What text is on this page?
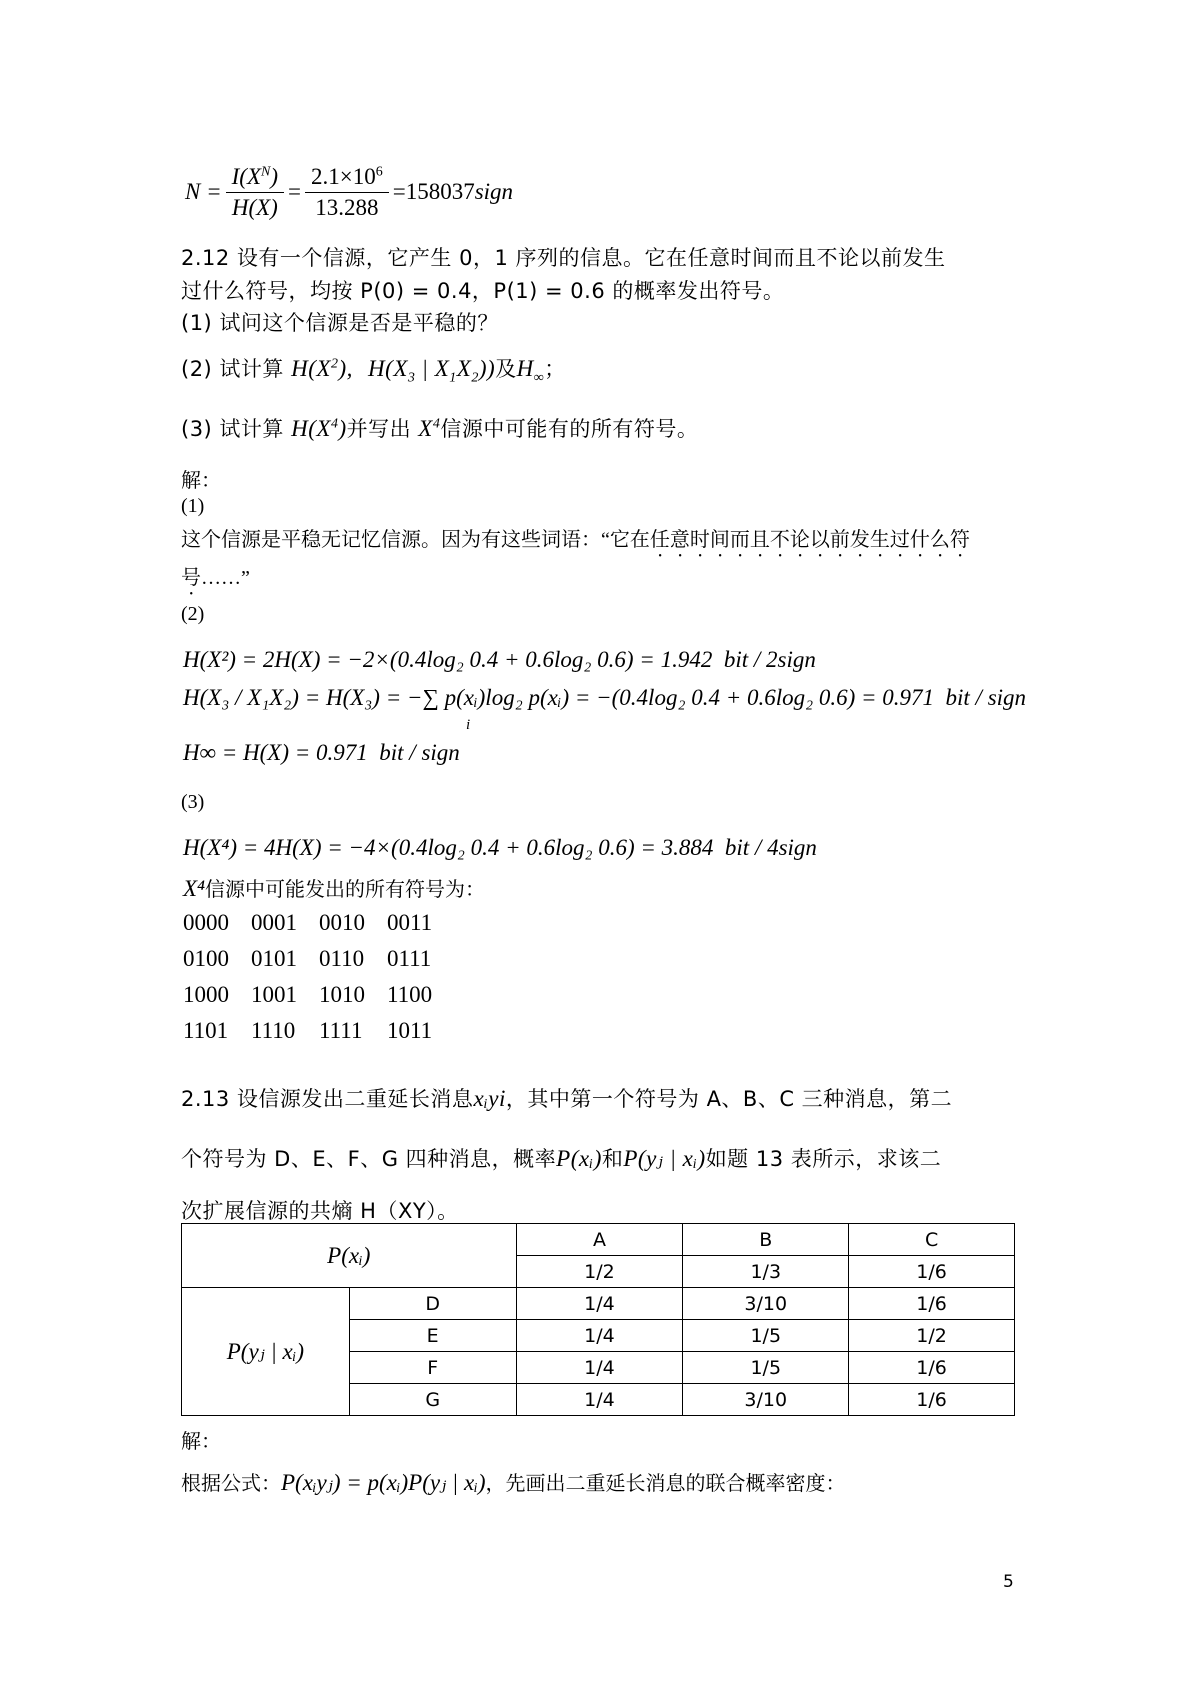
$N = \frac{I(X^N)}{H(X)} = \frac{2.1\times 10^6}{13.288} =158037$ sign
2.12 设有一个信源，它产生 0，1 序列的信息。它在任意时间而且不论以前发生
过什么符号，均按 P(0) = 0.4，P(1) = 0.6 的概率发出符号。
(1) 试问这个信源是否是平稳的？
(2) 试计算 $H(X^2)$, $H(X_3$ | $X_1X_2$))及$H_\infty$；
(3) 试计算 $H(X^4)$并写出 $X^4$信源中可能有的所有符号。
解：
(1)
这个信源是平稳无记忆信源。因为有这些词语：“它在任意时间而且不论以前发生过什么符
号……”
(2)
H(X²) = 2H(X) = −2×(0.4log₂ 0.4 + 0.6log₂ 0.6) = 1.942 bit / 2sign
H(X₃ / X₁X₂) = H(X₃) = −∑ p(xᵢ)log₂ p(xᵢ) = −(0.4log₂ 0.4 + 0.6log₂ 0.6) = 0.971 bit / sign
i
H∞ = H(X) = 0.971 bit / sign
(3)
H(X⁴) = 4H(X) = −4×(0.4log₂ 0.4 + 0.6log₂ 0.6) = 3.884 bit / 4sign
X⁴信源中可能发出的所有符号为：
0000 0001 0010 0011
0100 0101 0110 0111
1000 1001 1010 1100
1101 1110 1111 1011
2.13 设信源发出二重延长消息xᵢyi，其中第一个符号为 A、B、C 三种消息，第二
个符号为 D、E、F、G 四种消息，概率P(xᵢ)和P(yⱼ | xᵢ)如题 13 表所示，求该二
次扩展信源的共熵 H（XY）。
P(xᵢ)		A	B	C
		1/2	1/3	1/6
P(yⱼ | xᵢ)	D	1/4	3/10	1/6
	E	1/4	1/5	1/2
	F	1/4	1/5	1/6
	G	1/4	3/10	1/6
解：
根据公式：P(xᵢyⱼ) = p(xᵢ)P(yⱼ | xᵢ)，先画出二重延长消息的联合概率密度：
5
